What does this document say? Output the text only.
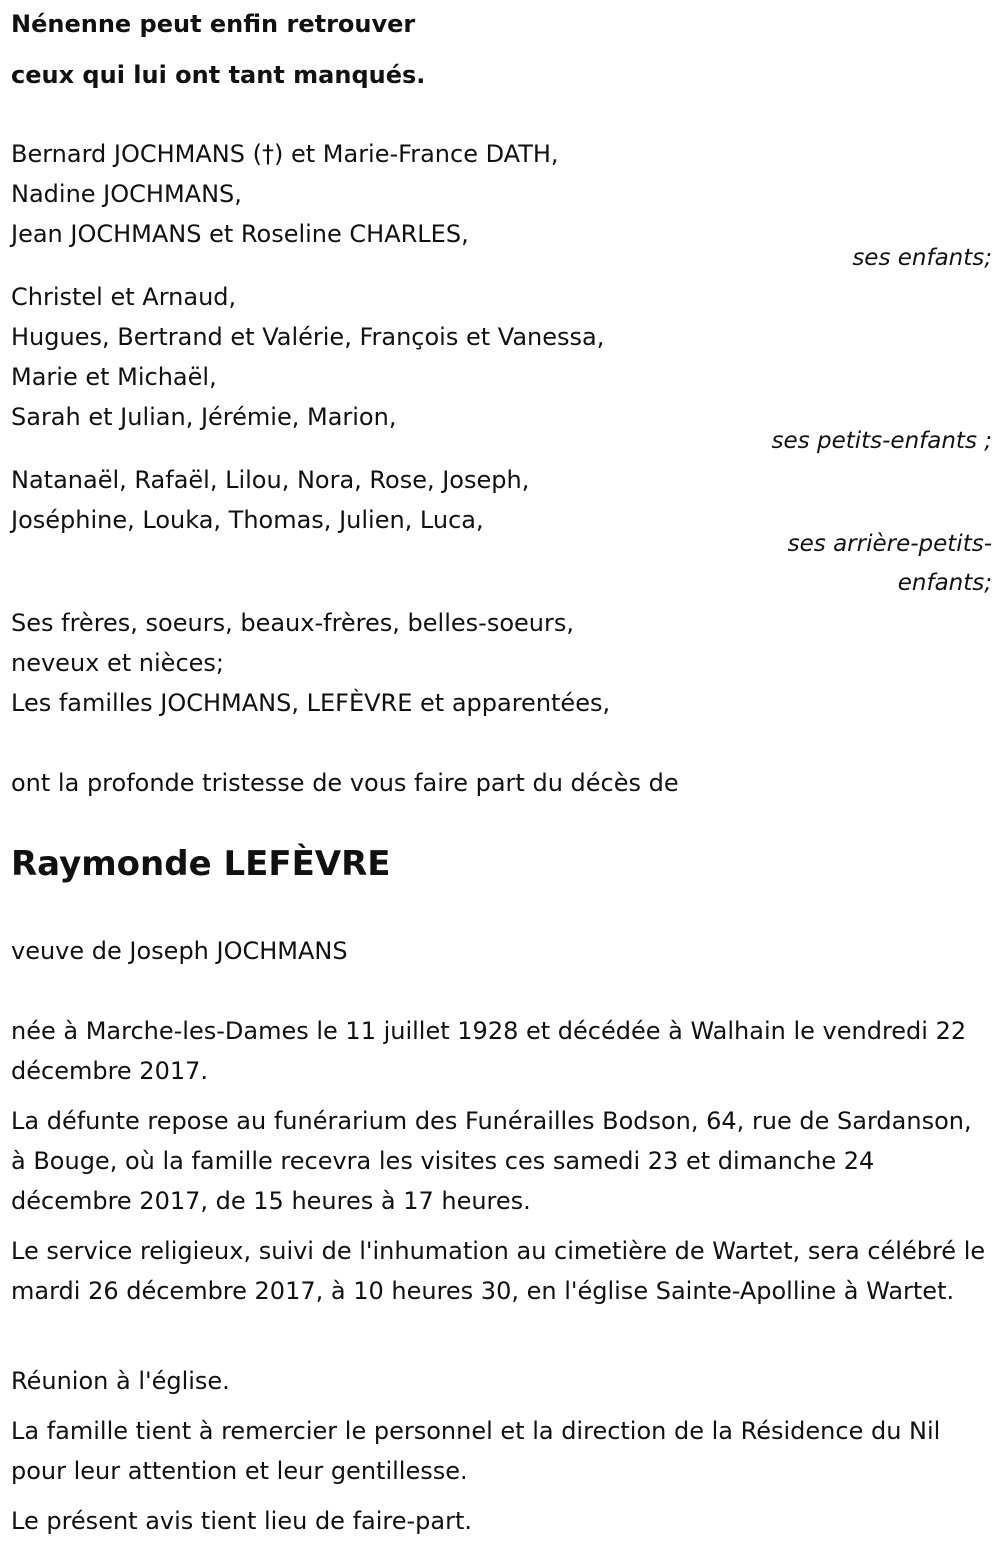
Nénenne peut enfin retrouver

ceux qui lui ont tant manqués.

Bernard JOCHMANS (†) et Marie-France DATH,

Nadine JOCHMANS,

Jean JOCHMANS et Roseline CHARLES,

ses enfants;

Christel et Arnaud,

Hugues, Bertrand et Valérie, François et Vanessa,

Marie et Michaël,

Sarah et Julian, Jérémie, Marion,

ses petits-enfants ;

Natanaël, Rafaël, Lilou, Nora, Rose, Joseph,

Joséphine, Louka, Thomas, Julien, Luca,

ses arrière-petits-

enfants;

Ses frères, soeurs, beaux-frères, belles-soeurs,

neveux et nièces;

Les familles JOCHMANS, LEFÈVRE et apparentées,

ont la profonde tristesse de vous faire part du décès de

Raymonde LEFÈVRE

veuve de Joseph JOCHMANS

née à Marche-les-Dames le 11 juillet 1928 et décédée à Walhain le vendredi 22 décembre 2017.

La défunte repose au funérarium des Funérailles Bodson, 64, rue de Sardanson, à Bouge, où la famille recevra les visites ces samedi 23 et dimanche 24 décembre 2017, de 15 heures à 17 heures.

Le service religieux, suivi de l'inhumation au cimetière de Wartet, sera célébré le mardi 26 décembre 2017, à 10 heures 30, en l'église Sainte-Apolline à Wartet.

Réunion à l'église.

La famille tient à remercier le personnel et la direction de la Résidence du Nil pour leur attention et leur gentillesse.

Le présent avis tient lieu de faire-part.
